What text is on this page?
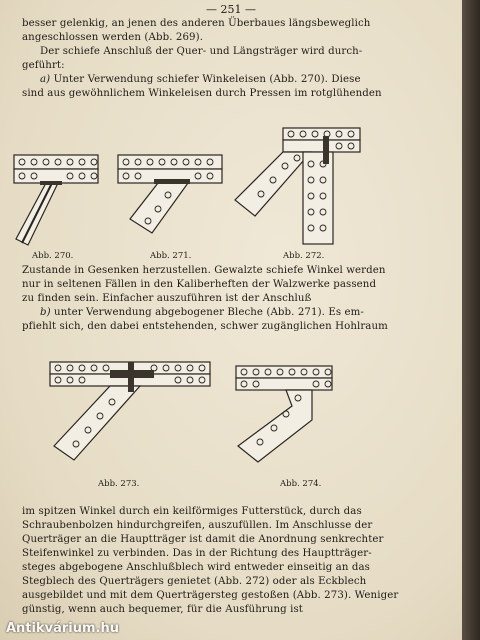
— 251 —
besser gelenkig, an jenen des anderen Überbaues längsbeweglich
angeschlossen werden (Abb. 269).
Der schiefe Anschluß der Quer- und Längsträger wird durch-
geführt:
a) Unter Verwendung schiefer Winkeleisen (Abb. 270). Diese
sind aus gewöhnlichem Winkeleisen durch Pressen im rotglühenden
Abb. 270.	Abb. 271.	Abb. 272.
Zustande in Gesenken herzustellen. Gewalzte schiefe Winkel werden
nur in seltenen Fällen in den Kaliberheften der Walzwerke passend
zu finden sein. Einfacher auszuführen ist der Anschluß
b) unter Verwendung abgebogener Bleche (Abb. 271). Es em-
pfiehlt sich, den dabei entstehenden, schwer zugänglichen Hohlraum
Abb. 273.	Abb. 274.
im spitzen Winkel durch ein keilförmiges Futterstück, durch das
Schraubenbolzen hindurchgreifen, auszufüllen. Im Anschlusse der
Querträger an die Hauptträger ist damit die Anordnung senkrechter
Steifenwinkel zu verbinden. Das in der Richtung des Hauptträger-
steges abgebogene Anschlußblech wird entweder einseitig an das
Stegblech des Querträgers genietet (Abb. 272) oder als Eckblech
ausgebildet und mit dem Querträgersteg gestoßen (Abb. 273). Weniger
günstig, wenn auch bequemer, für die Ausführung ist
Antikvárium.hu
